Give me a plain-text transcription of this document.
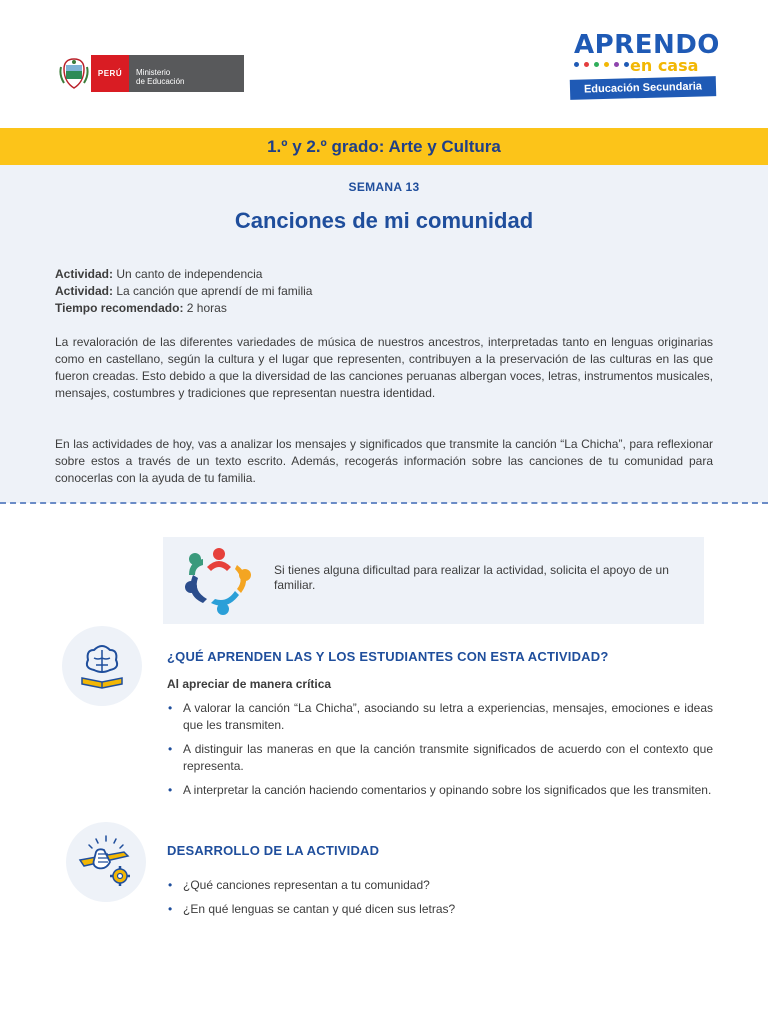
PERÚ	Ministerio
de Educación
APRENDO
en casa
Educación Secundaria
1.º y 2.º grado: Arte y Cultura
SEMANA 13
Canciones de mi comunidad
Actividad: Un canto de independencia
Actividad: La canción que aprendí de mi familia
Tiempo recomendado: 2 horas

La revaloración de las diferentes variedades de música de nuestros ancestros, interpretadas tanto en lenguas originarias como en castellano, según la cultura y el lugar que representen, contribuyen a la preservación de las culturas en las que fueron creadas. Esto debido a que la diversidad de las canciones peruanas albergan voces, letras, instrumentos musicales, mensajes, costumbres y tradiciones que representan nuestra identidad.

En las actividades de hoy, vas a analizar los mensajes y significados que transmite la canción “La Chicha”, para reflexionar sobre estos a través de un texto escrito. Además, recogerás información sobre las canciones de tu comunidad para conocerlas con la ayuda de tu familia.

Si tienes alguna dificultad para realizar la actividad, solicita el apoyo de un familiar.

¿QUÉ APRENDEN LAS Y LOS ESTUDIANTES CON ESTA ACTIVIDAD?
Al apreciar de manera crítica
• A valorar la canción “La Chicha”, asociando su letra a experiencias, mensajes, emociones e ideas que les transmiten.
• A distinguir las maneras en que la canción transmite significados de acuerdo con el contexto que representa.
• A interpretar la canción haciendo comentarios y opinando sobre los significados que les transmiten.
DESARROLLO DE LA ACTIVIDAD
• ¿Qué canciones representan a tu comunidad?
• ¿En qué lenguas se cantan y qué dicen sus letras?
